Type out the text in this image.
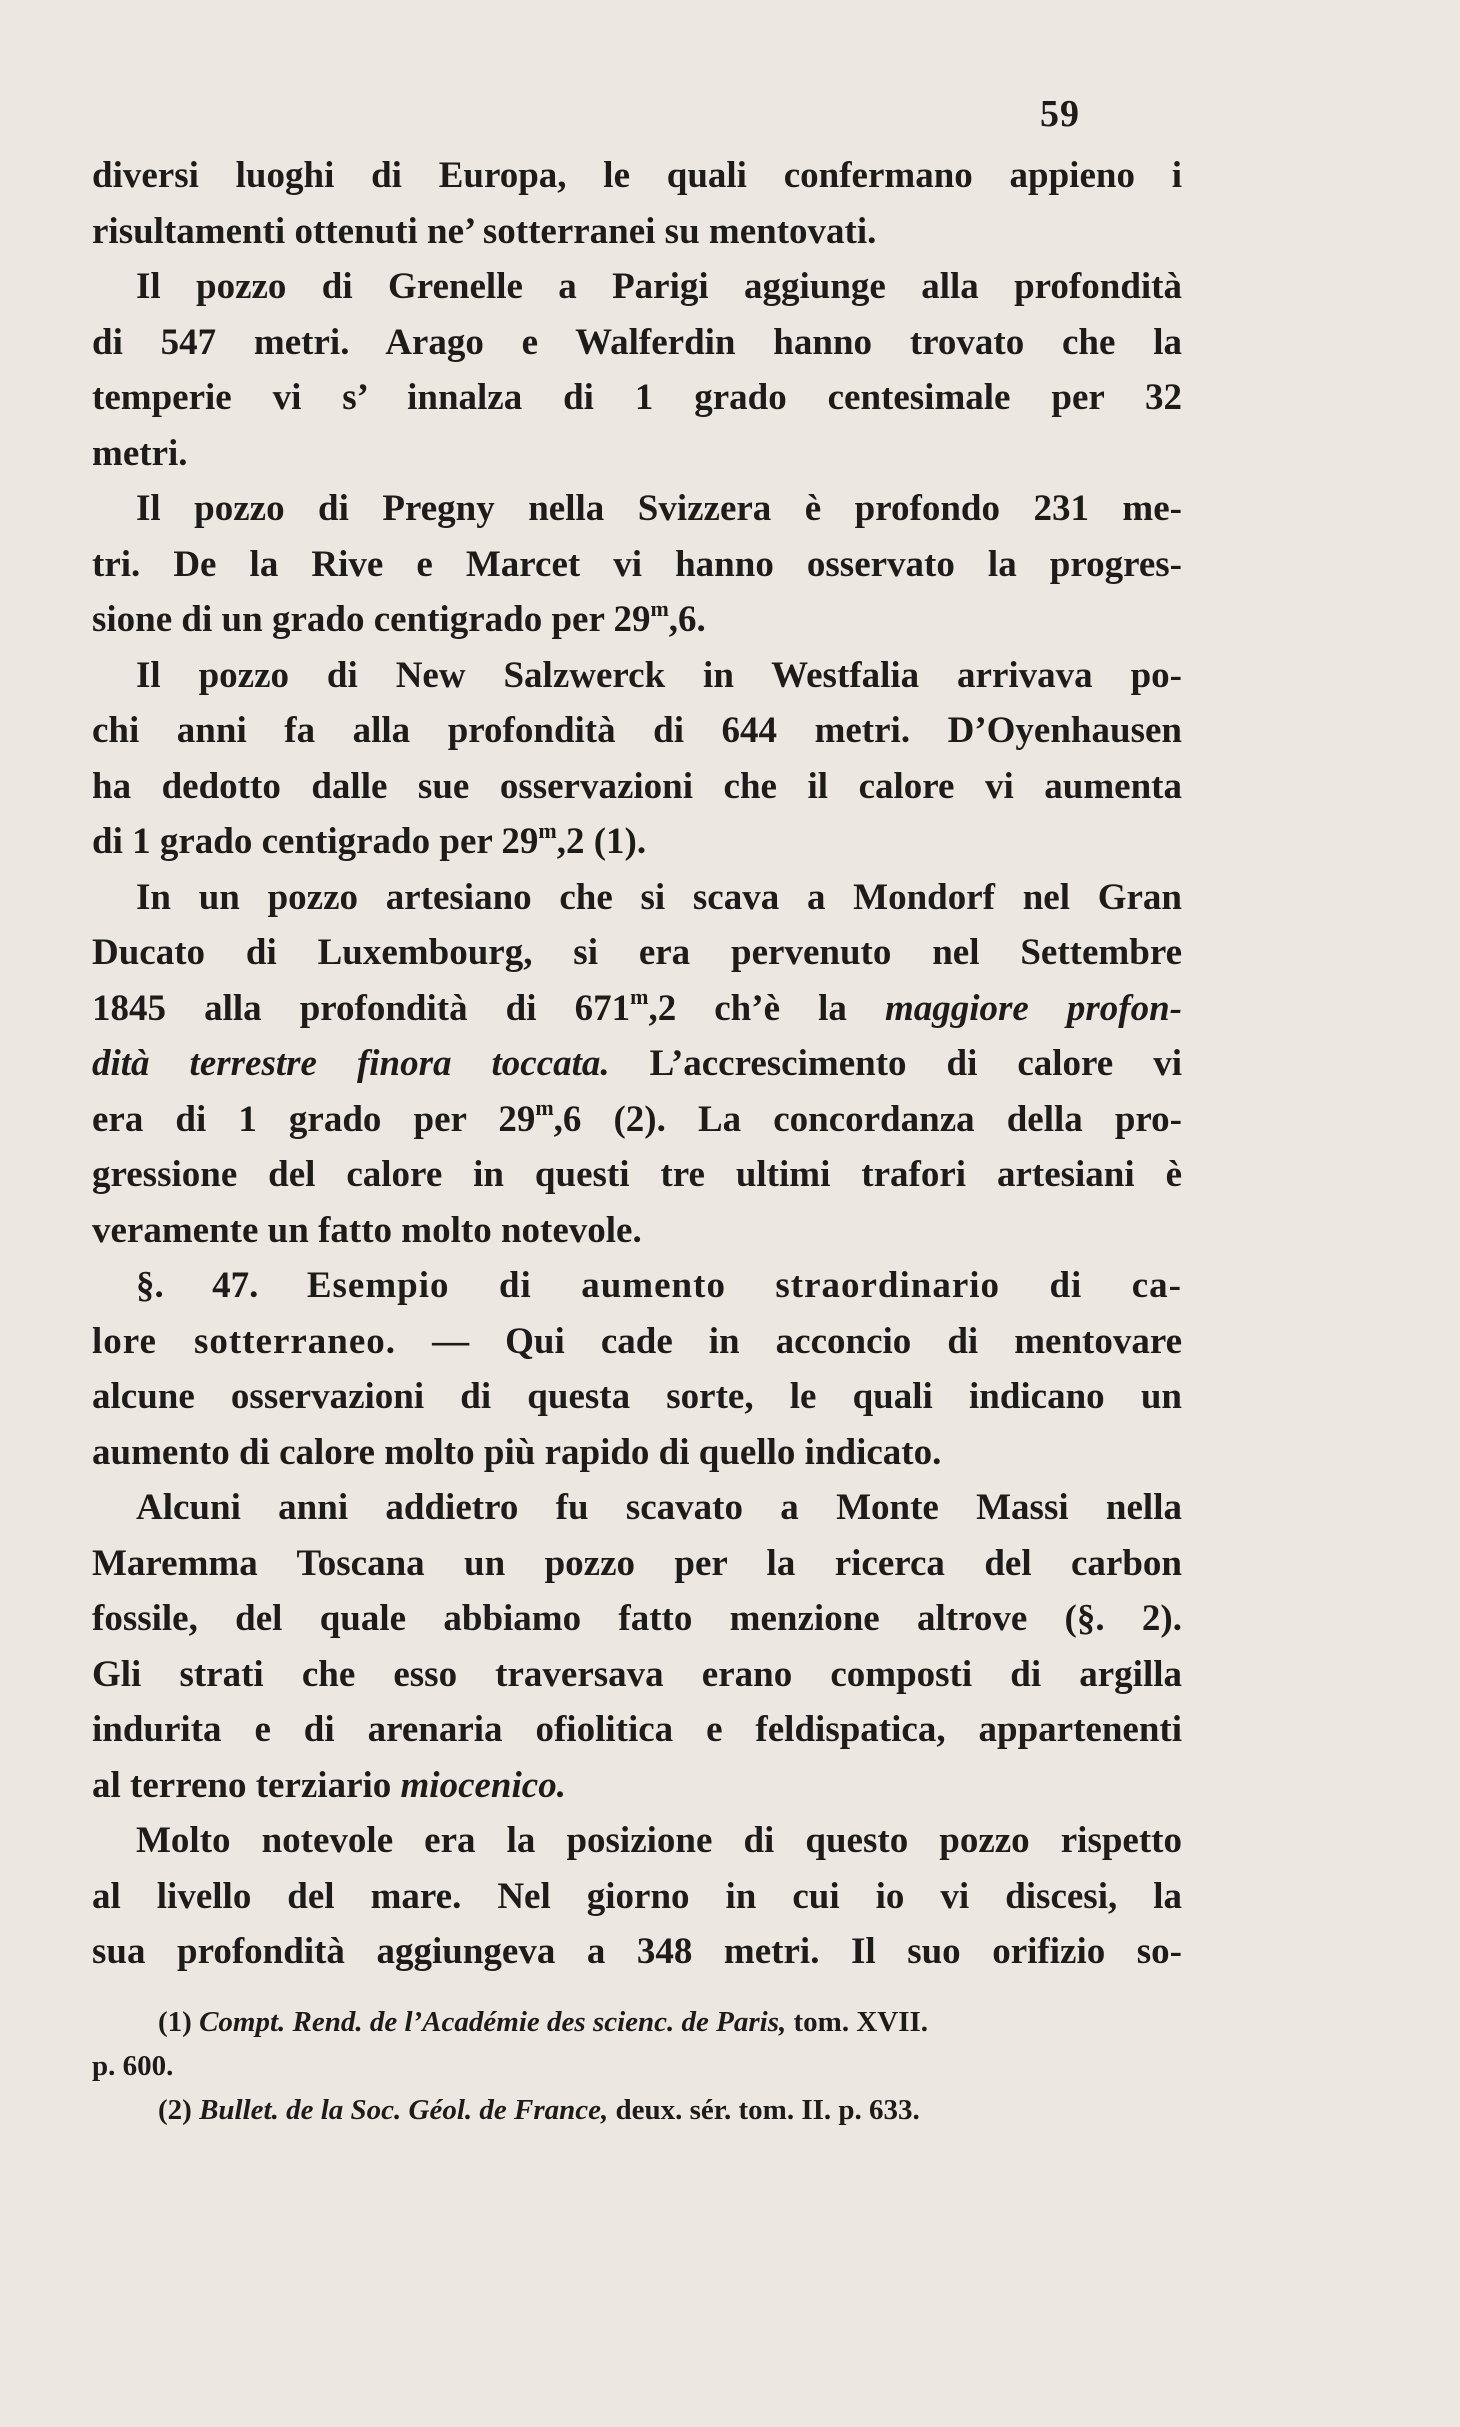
59
diversi luoghi di Europa, le quali confermano appieno i
risultamenti ottenuti ne’ sotterranei su mentovati.
Il pozzo di Grenelle a Parigi aggiunge alla profondità
di 547 metri. Arago e Walferdin hanno trovato che la
temperie vi s’ innalza di 1 grado centesimale per 32
metri.
Il pozzo di Pregny nella Svizzera è profondo 231 me-
tri. De la Rive e Marcet vi hanno osservato la progres-
sione di un grado centigrado per 29$^m$,6.
Il pozzo di New Salzwerck in Westfalia arrivava po-
chi anni fa alla profondità di 644 metri. D’Oyenhausen
ha dedotto dalle sue osservazioni che il calore vi aumenta
di 1 grado centigrado per 29$^m$,2 (1).
In un pozzo artesiano che si scava a Mondorf nel Gran
Ducato di Luxembourg, si era pervenuto nel Settembre
1845 alla profondità di 671$^m$,2 ch’è la maggiore profon-
dità terrestre finora toccata. L’accrescimento di calore vi
era di 1 grado per 29$^m$,6 (2). La concordanza della pro-
gressione del calore in questi tre ultimi trafori artesiani è
veramente un fatto molto notevole.
§. 47. Esempio di aumento straordinario di ca-
lore sotterraneo. — Qui cade in acconcio di mentovare
alcune osservazioni di questa sorte, le quali indicano un
aumento di calore molto più rapido di quello indicato.
Alcuni anni addietro fu scavato a Monte Massi nella
Maremma Toscana un pozzo per la ricerca del carbon
fossile, del quale abbiamo fatto menzione altrove (§. 2).
Gli strati che esso traversava erano composti di argilla
indurita e di arenaria ofiolitica e feldispatica, appartenenti
al terreno terziario miocenico.
Molto notevole era la posizione di questo pozzo rispetto
al livello del mare. Nel giorno in cui io vi discesi, la
sua profondità aggiungeva a 348 metri. Il suo orifizio so-
(1) Compt. Rend. de l’Académie des scienc. de Paris, tom. XVII.
p. 600.
(2) Bullet. de la Soc. Géol. de France, deux. sér. tom. II. p. 633.
